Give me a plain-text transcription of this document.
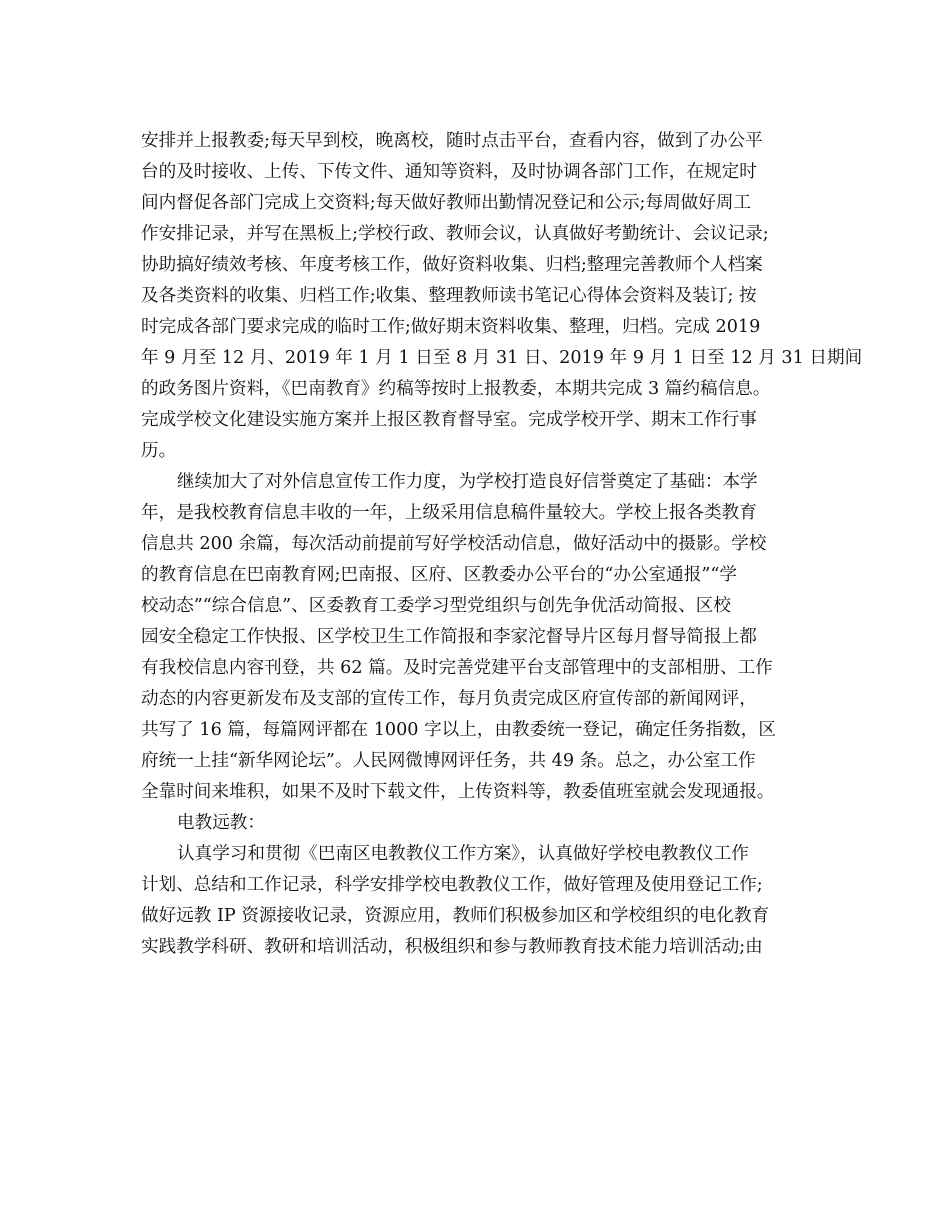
安排并上报教委;每天早到校，晚离校，随时点击平台，查看内容，做到了办公平
台的及时接收、上传、下传文件、通知等资料，及时协调各部门工作，在规定时
间内督促各部门完成上交资料;每天做好教师出勤情况登记和公示;每周做好周工
作安排记录，并写在黑板上;学校行政、教师会议，认真做好考勤统计、会议记录;
协助搞好绩效考核、年度考核工作，做好资料收集、归档;整理完善教师个人档案
及各类资料的收集、归档工作;收集、整理教师读书笔记心得体会资料及装订; 按
时完成各部门要求完成的临时工作;做好期末资料收集、整理，归档。完成 2019
年 9 月至 12 月、2019 年 1 月 1 日至 8 月 31 日、2019 年 9 月 1 日至 12 月 31 日期间
的政务图片资料，《巴南教育》约稿等按时上报教委，本期共完成 3 篇约稿信息。
完成学校文化建设实施方案并上报区教育督导室。完成学校开学、期末工作行事
历。
继续加大了对外信息宣传工作力度，为学校打造良好信誉奠定了基础：本学
年，是我校教育信息丰收的一年，上级采用信息稿件量较大。学校上报各类教育
信息共 200 余篇，每次活动前提前写好学校活动信息，做好活动中的摄影。学校
的教育信息在巴南教育网;巴南报、区府、区教委办公平台的“办公室通报”“学
校动态”“综合信息”、区委教育工委学习型党组织与创先争优活动简报、区校
园安全稳定工作快报、区学校卫生工作简报和李家沱督导片区每月督导简报上都
有我校信息内容刊登，共 62 篇。及时完善党建平台支部管理中的支部相册、工作
动态的内容更新发布及支部的宣传工作，每月负责完成区府宣传部的新闻网评，
共写了 16 篇，每篇网评都在 1000 字以上，由教委统一登记，确定任务指数，区
府统一上挂“新华网论坛”。人民网微博网评任务，共 49 条。总之，办公室工作
全靠时间来堆积，如果不及时下载文件，上传资料等，教委值班室就会发现通报。
电教远教：
认真学习和贯彻《巴南区电教教仪工作方案》，认真做好学校电教教仪工作
计划、总结和工作记录，科学安排学校电教教仪工作，做好管理及使用登记工作;
做好远教 IP 资源接收记录，资源应用，教师们积极参加区和学校组织的电化教育
实践教学科研、教研和培训活动，积极组织和参与教师教育技术能力培训活动;由
